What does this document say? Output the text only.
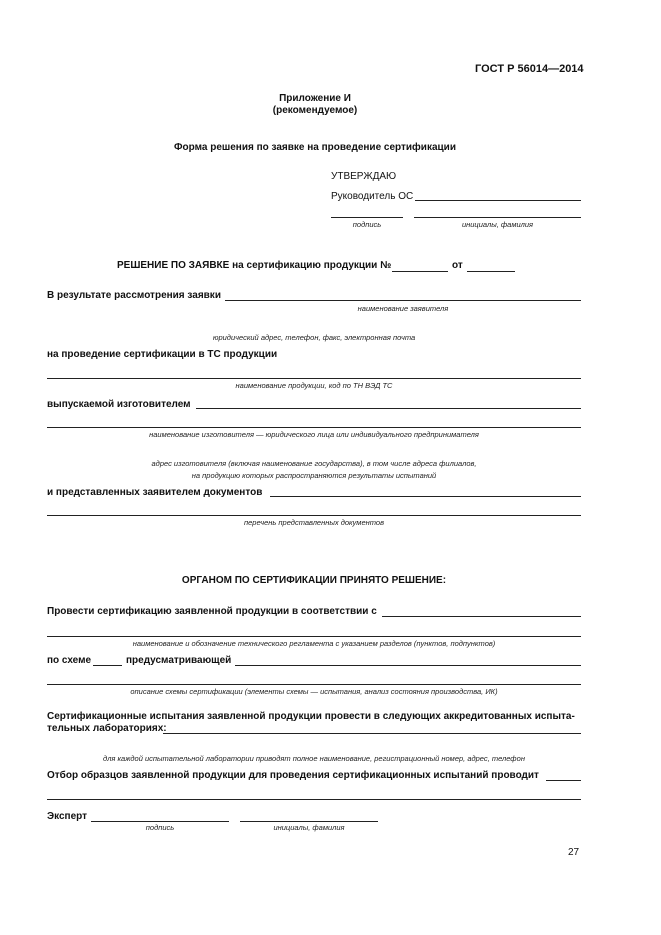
ГОСТ Р 56014—2014
Приложение И
(рекомендуемое)
Форма решения по заявке на проведение сертификации
УТВЕРЖДАЮ
Руководитель ОС
подпись	инициалы, фамилия
РЕШЕНИЕ ПО ЗАЯВКЕ на сертификацию продукции №	от
В результате рассмотрения заявки
наименование заявителя
юридический адрес, телефон, факс, электронная почта
на проведение сертификации в ТС продукции
наименование продукции, код по ТН ВЭД ТС
выпускаемой изготовителем
наименование изготовителя — юридического лица или индивидуального предпринимателя
адрес изготовителя (включая наименование государства), в том числе адреса филиалов,
на продукцию которых распространяются результаты испытаний
и представленных заявителем документов
перечень представленных документов
ОРГАНОМ ПО СЕРТИФИКАЦИИ ПРИНЯТО РЕШЕНИЕ:
Провести сертификацию заявленной продукции в соответствии с
наименование и обозначение технического регламента с указанием разделов (пунктов, подпунктов)
по схеме	предусматривающей
описание схемы сертификации (элементы схемы — испытания, анализ состояния производства, ИК)
Сертификационные испытания заявленной продукции провести в следующих аккредитованных испыта-
тельных лабораториях:
для каждой испытательной лаборатории приводят полное наименование, регистрационный номер, адрес, телефон
Отбор образцов заявленной продукции для проведения сертификационных испытаний проводит
Эксперт
подпись	инициалы, фамилия
27
